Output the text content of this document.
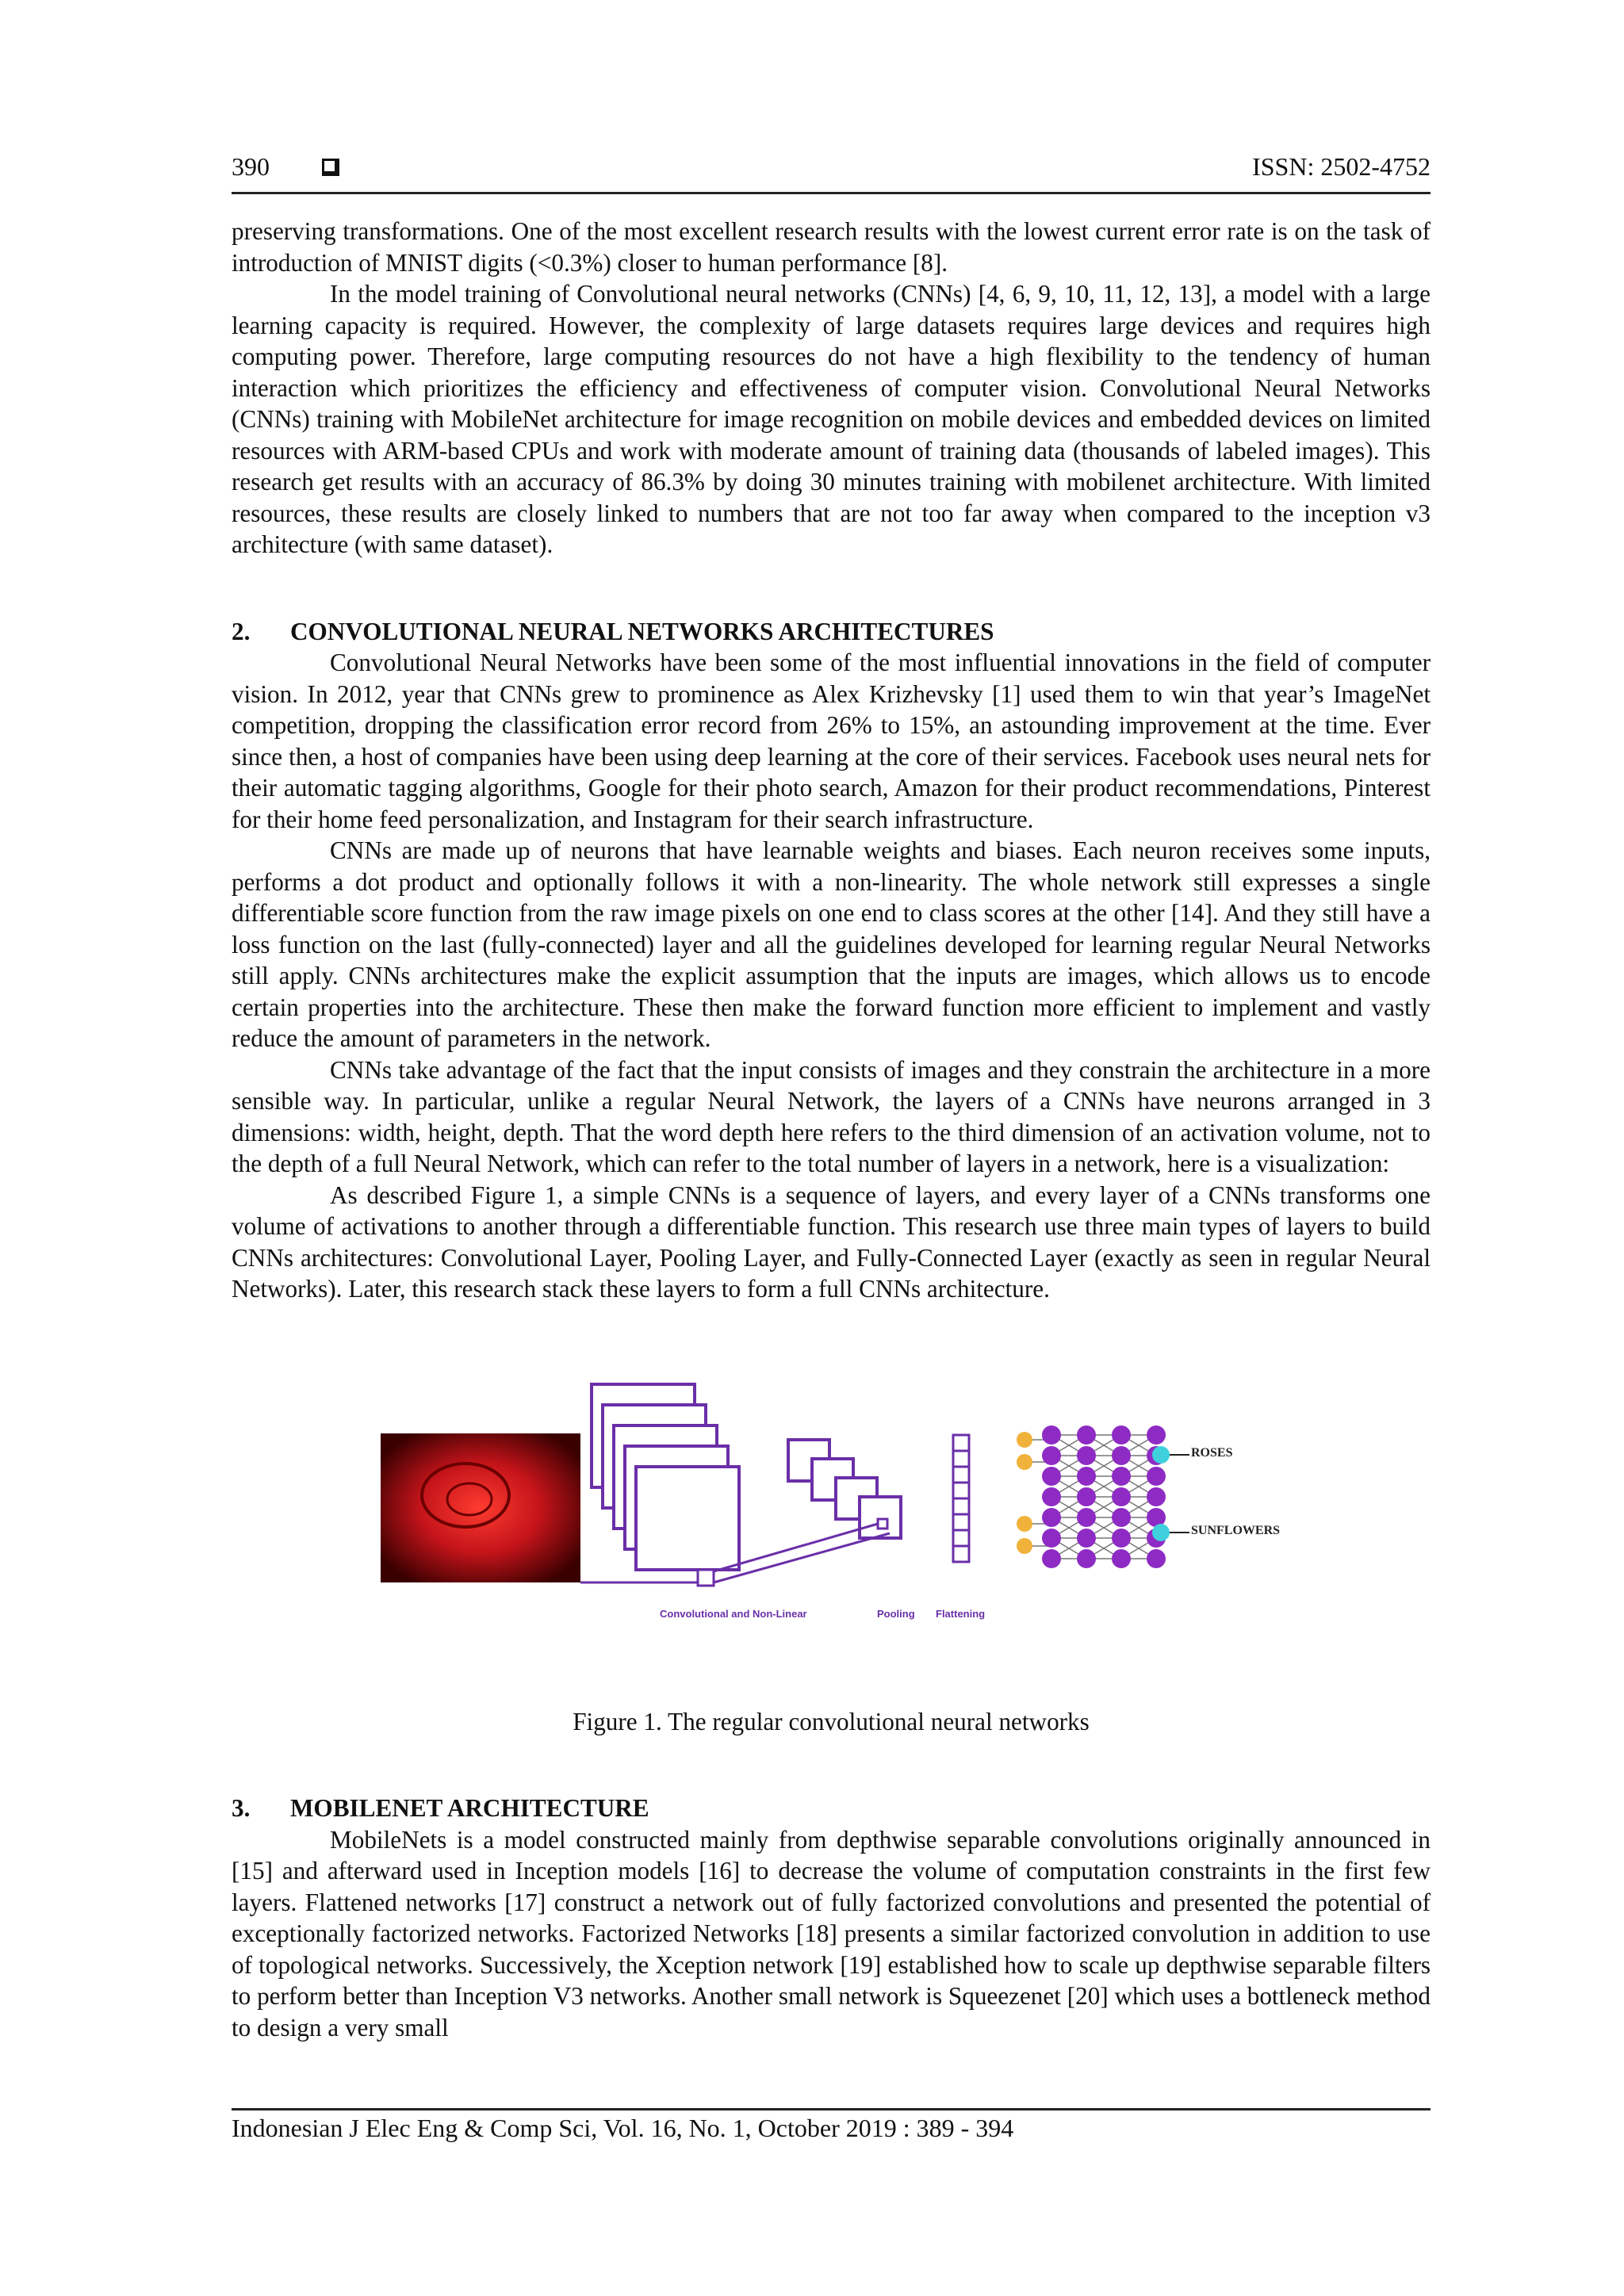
390	ISSN: 2502-4752

preserving transformations. One of the most excellent research results with the lowest current error rate is on the task of introduction of MNIST digits (<0.3%) closer to human performance [8].

In the model training of Convolutional neural networks (CNNs) [4, 6, 9, 10, 11, 12, 13], a model with a large learning capacity is required. However, the complexity of large datasets requires large devices and requires high computing power. Therefore, large computing resources do not have a high flexibility to the tendency of human interaction which prioritizes the efficiency and effectiveness of computer vision. Convolutional Neural Networks (CNNs) training with MobileNet architecture for image recognition on mobile devices and embedded devices on limited resources with ARM-based CPUs and work with moderate amount of training data (thousands of labeled images). This research get results with an accuracy of 86.3% by doing 30 minutes training with mobilenet architecture. With limited resources, these results are closely linked to numbers that are not too far away when compared to the inception v3 architecture (with same dataset).

2. CONVOLUTIONAL NEURAL NETWORKS ARCHITECTURES

Convolutional Neural Networks have been some of the most influential innovations in the field of computer vision. In 2012, year that CNNs grew to prominence as Alex Krizhevsky [1] used them to win that year’s ImageNet competition, dropping the classification error record from 26% to 15%, an astounding improvement at the time. Ever since then, a host of companies have been using deep learning at the core of their services. Facebook uses neural nets for their automatic tagging algorithms, Google for their photo search, Amazon for their product recommendations, Pinterest for their home feed personalization, and Instagram for their search infrastructure.

CNNs are made up of neurons that have learnable weights and biases. Each neuron receives some inputs, performs a dot product and optionally follows it with a non-linearity. The whole network still expresses a single differentiable score function from the raw image pixels on one end to class scores at the other [14]. And they still have a loss function on the last (fully-connected) layer and all the guidelines developed for learning regular Neural Networks still apply. CNNs architectures make the explicit assumption that the inputs are images, which allows us to encode certain properties into the architecture. These then make the forward function more efficient to implement and vastly reduce the amount of parameters in the network.

CNNs take advantage of the fact that the input consists of images and they constrain the architecture in a more sensible way. In particular, unlike a regular Neural Network, the layers of a CNNs have neurons arranged in 3 dimensions: width, height, depth. That the word depth here refers to the third dimension of an activation volume, not to the depth of a full Neural Network, which can refer to the total number of layers in a network, here is a visualization:

As described Figure 1, a simple CNNs is a sequence of layers, and every layer of a CNNs transforms one volume of activations to another through a differentiable function. This research use three main types of layers to build CNNs architectures: Convolutional Layer, Pooling Layer, and Fully-Connected Layer (exactly as seen in regular Neural Networks). Later, this research stack these layers to form a full CNNs architecture.

Convolutional and Non-Linear	Pooling Flattening
ROSES
SUNFLOWERS
Figure 1. The regular convolutional neural networks
3. MOBILENET ARCHITECTURE

MobileNets is a model constructed mainly from depthwise separable convolutions originally announced in [15] and afterward used in Inception models [16] to decrease the volume of computation constraints in the first few layers. Flattened networks [17] construct a network out of fully factorized convolutions and presented the potential of exceptionally factorized networks. Factorized Networks [18] presents a similar factorized convolution in addition to use of topological networks. Successively, the Xception network [19] established how to scale up depthwise separable filters to perform better than Inception V3 networks. Another small network is Squeezenet [20] which uses a bottleneck method to design a very small

Indonesian J Elec Eng & Comp Sci, Vol. 16, No. 1, October 2019 : 389 - 394
